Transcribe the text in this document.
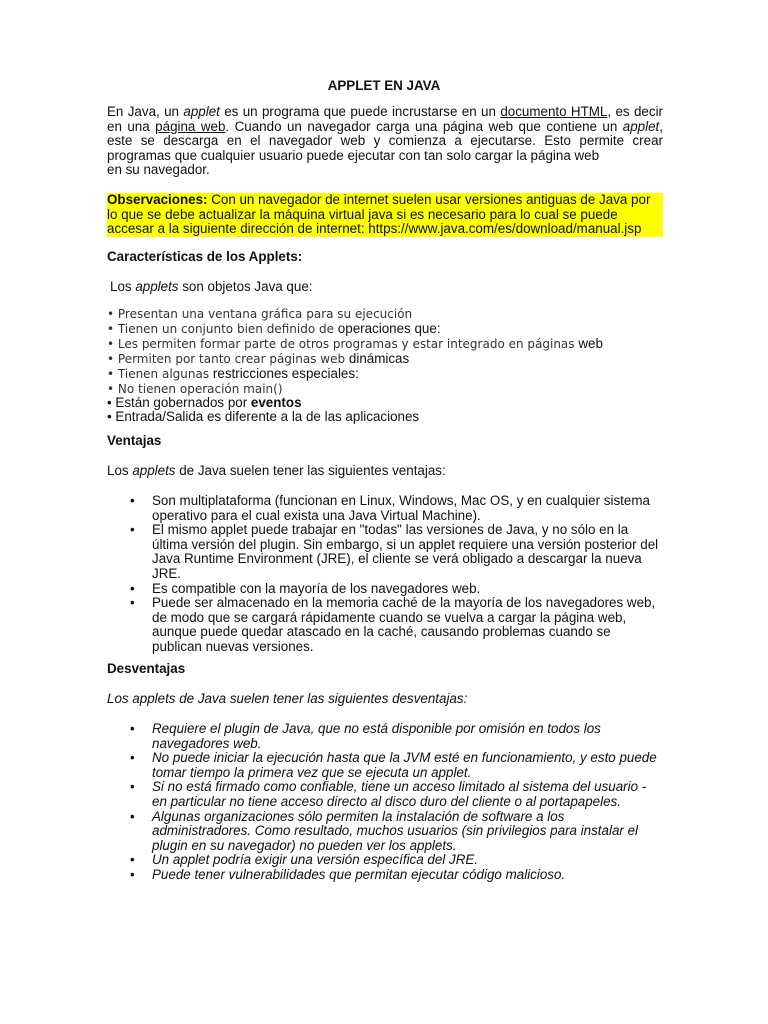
APPLET EN JAVA
En Java, un applet es un programa que puede incrustarse en un documento HTML, es decir en una página web. Cuando un navegador carga una página web que contiene un applet, este se descarga en el navegador web y comienza a ejecutarse. Esto permite crear programas que cualquier usuario puede ejecutar con tan solo cargar la página web
en su navegador.
Observaciones: Con un navegador de internet suelen usar versiones antiguas de Java por lo que se debe actualizar la máquina virtual java si es necesario para lo cual se puede accesar a la siguiente dirección de internet: https://www.java.com/es/download/manual.jsp
Características de los Applets:
Los applets son objetos Java que:
• Presentan una ventana gráfica para su ejecución
• Tienen un conjunto bien definido de operaciones que:
• Les permiten formar parte de otros programas y estar integrado en páginas web
• Permiten por tanto crear páginas web dinámicas
• Tienen algunas restricciones especiales:
• No tienen operación main()
• Están gobernados por eventos
• Entrada/Salida es diferente a la de las aplicaciones
Ventajas
Los applets de Java suelen tener las siguientes ventajas:
• Son multiplataforma (funcionan en Linux, Windows, Mac OS, y en cualquier sistema operativo para el cual exista una Java Virtual Machine).
• El mismo applet puede trabajar en "todas" las versiones de Java, y no sólo en la última versión del plugin. Sin embargo, si un applet requiere una versión posterior del Java Runtime Environment (JRE), el cliente se verá obligado a descargar la nueva JRE.
• Es compatible con la mayoría de los navegadores web.
• Puede ser almacenado en la memoria caché de la mayoría de los navegadores web, de modo que se cargará rápidamente cuando se vuelva a cargar la página web, aunque puede quedar atascado en la caché, causando problemas cuando se publican nuevas versiones.
Desventajas
Los applets de Java suelen tener las siguientes desventajas:
• Requiere el plugin de Java, que no está disponible por omisión en todos los navegadores web.
• No puede iniciar la ejecución hasta que la JVM esté en funcionamiento, y esto puede tomar tiempo la primera vez que se ejecuta un applet.
• Si no está firmado como confiable, tiene un acceso limitado al sistema del usuario - en particular no tiene acceso directo al disco duro del cliente o al portapapeles.
• Algunas organizaciones sólo permiten la instalación de software a los administradores. Como resultado, muchos usuarios (sin privilegios para instalar el plugin en su navegador) no pueden ver los applets.
• Un applet podría exigir una versión específica del JRE.
• Puede tener vulnerabilidades que permitan ejecutar código malicioso.
